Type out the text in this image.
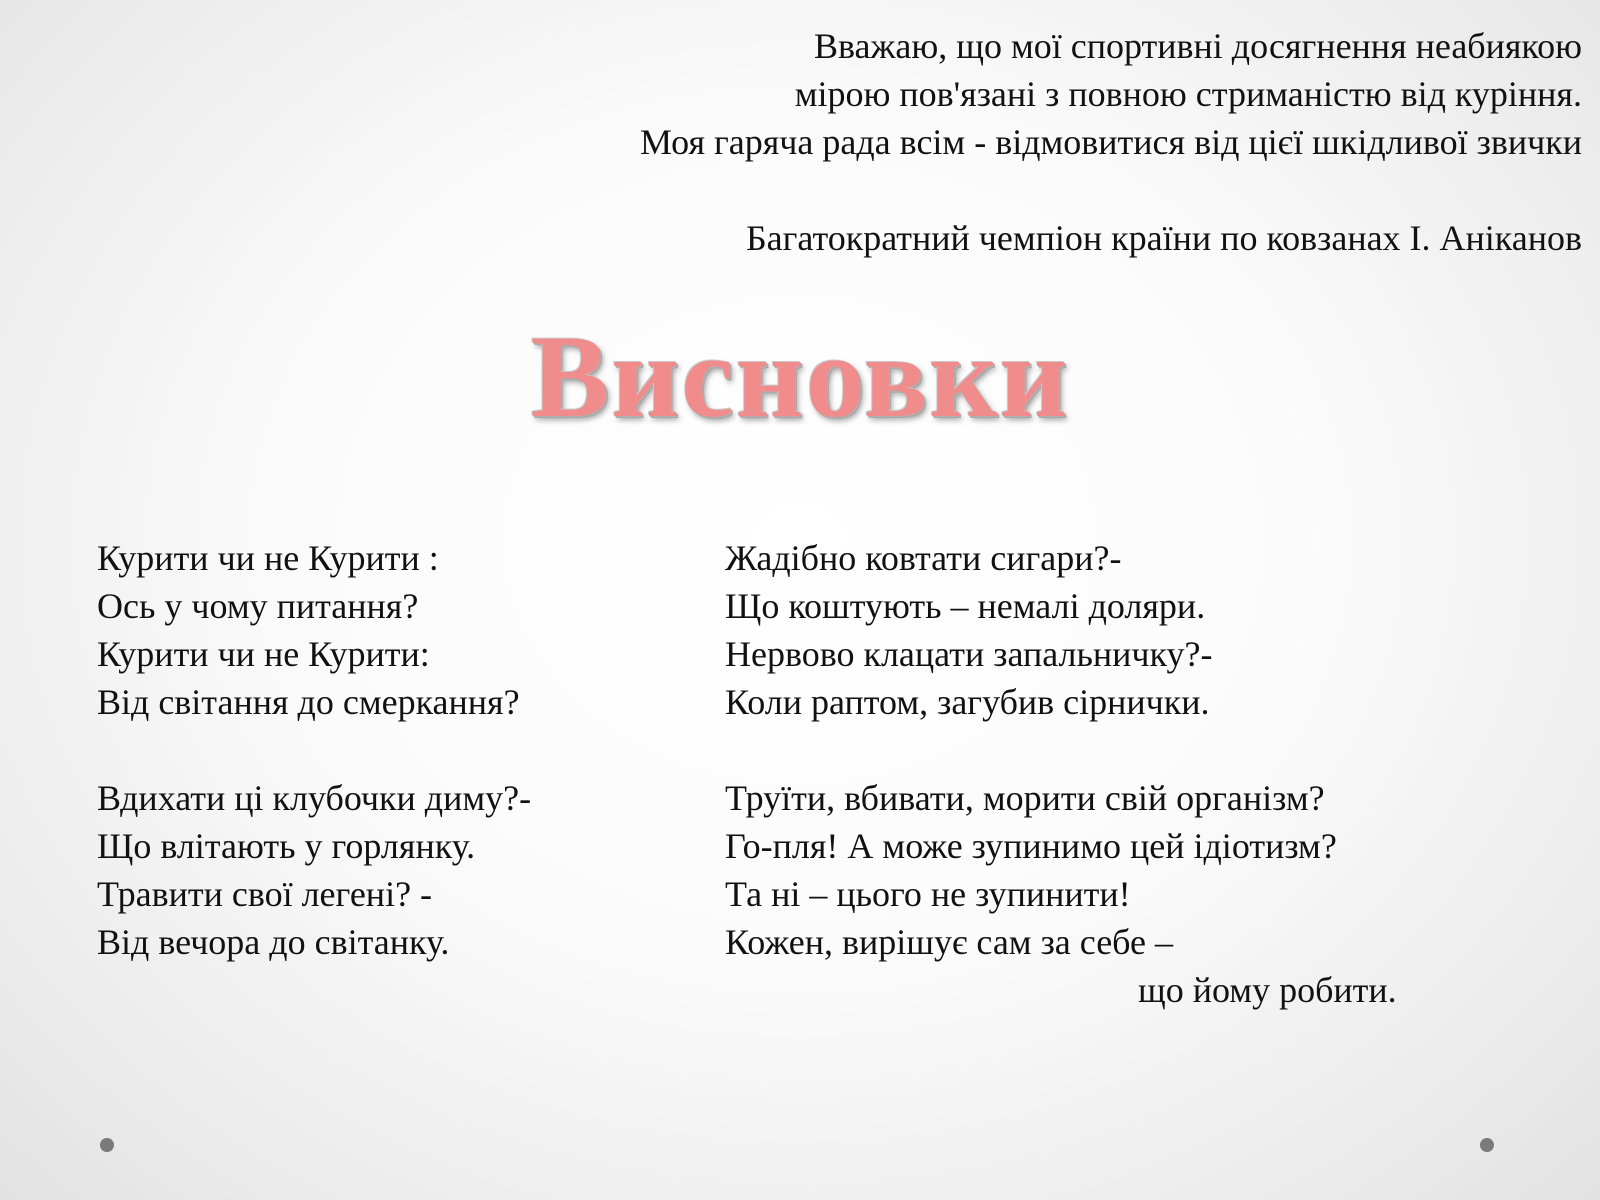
Вважаю, що мої спортивні досягнення неабиякою
мірою пов'язані з повною стриманістю від куріння.
Моя гаряча рада всім - відмовитися від цієї шкідливої звички
Багатократний чемпіон країни по ковзанах І. Аніканов
Висновки
Курити чи не Курити :
Ось у чому питання?
Курити чи не Курити:
Від світання до смеркання?
Вдихати ці клубочки диму?-
Що влітають у горлянку.
Травити свої легені? -
Від вечора до світанку.
Жадібно ковтати сигари?-
Що коштують – немалі доляри.
Нервово клацати запальничку?-
Коли раптом, загубив сірнички.
Труїти, вбивати, морити свій організм?
Го-пля! А може зупинимо цей ідіотизм?
Та ні – цього не зупинити!
Кожен, вирішує сам за себе –
що йому робити.
